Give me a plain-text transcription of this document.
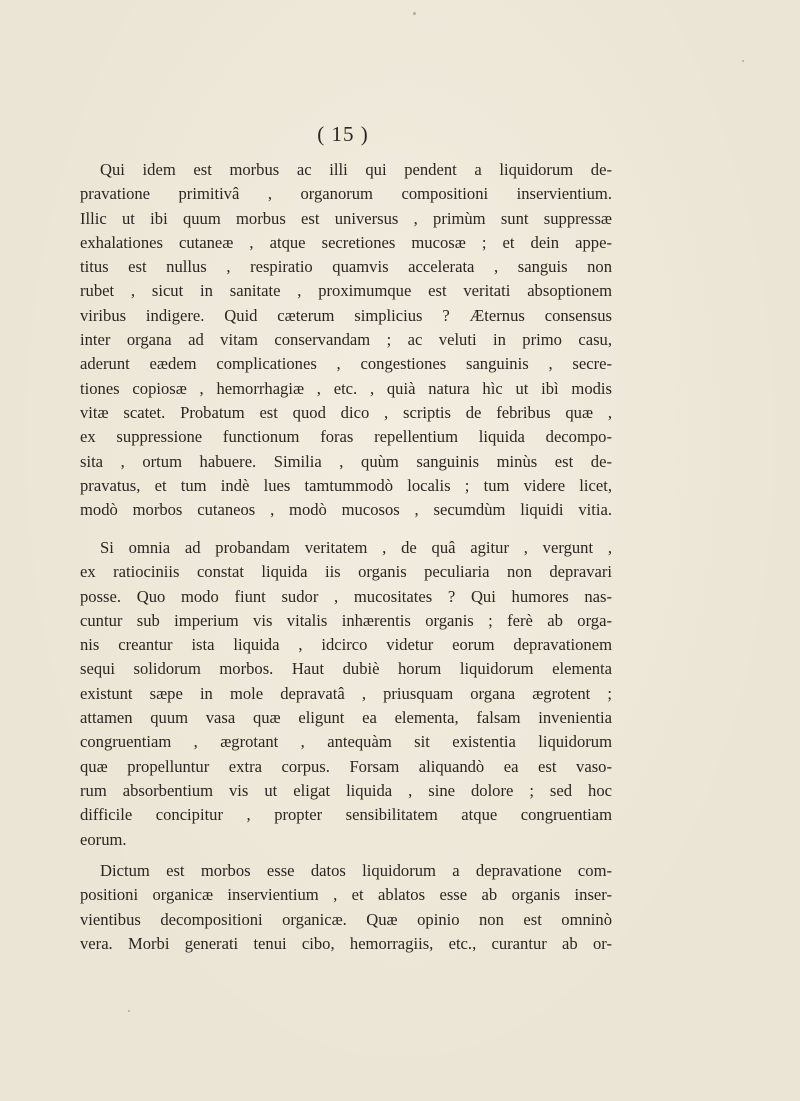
( 15 )
Qui idem est morbus ac illi qui pendent a liquidorum de-
pravatione primitivâ , organorum compositioni inservientium.
Illic ut ibi quum morbus est universus , primùm sunt suppressæ
exhalationes cutaneæ , atque secretiones mucosæ ; et dein appe-
titus est nullus , respiratio quamvis accelerata , sanguis non
rubet , sicut in sanitate , proximumque est veritati absoptionem
viribus indigere. Quid cæterum simplicius ? Æternus consensus
inter organa ad vitam conservandam ; ac veluti in primo casu,
aderunt eædem complicationes , congestiones sanguinis , secre-
tiones copiosæ , hemorrhagiæ , etc. , quià natura hìc ut ibì modis
vitæ scatet. Probatum est quod dico , scriptis de febribus quæ ,
ex suppressione functionum foras repellentium liquida decompo-
sita , ortum habuere. Similia , quùm sanguinis minùs est de-
pravatus, et tum indè lues tamtummodò localis ; tum videre licet,
modò morbos cutaneos , modò mucosos , secumdùm liquidi vitia.
Si omnia ad probandam veritatem , de quâ agitur , vergunt ,
ex ratiociniis constat liquida iis organis peculiaria non depravari
posse. Quo modo fiunt sudor , mucositates ? Qui humores nas-
cuntur sub imperium vis vitalis inhærentis organis ; ferè ab orga-
nis creantur ista liquida , idcirco videtur eorum depravationem
sequi solidorum morbos. Haut dubiè horum liquidorum elementa
existunt sæpe in mole depravatâ , priusquam organa ægrotent ;
attamen quum vasa quæ eligunt ea elementa, falsam invenientia
congruentiam , ægrotant , antequàm sit existentia liquidorum
quæ propelluntur extra corpus. Forsam aliquandò ea est vaso-
rum absorbentium vis ut eligat liquida , sine dolore ; sed hoc
difficile concipitur , propter sensibilitatem atque congruentiam
eorum.
Dictum est morbos esse datos liquidorum a depravatione com-
positioni organicæ inservientium , et ablatos esse ab organis inser-
vientibus decompositioni organicæ. Quæ opinio non est omninò
vera. Morbi generati tenui cibo, hemorragiis, etc., curantur ab or-
